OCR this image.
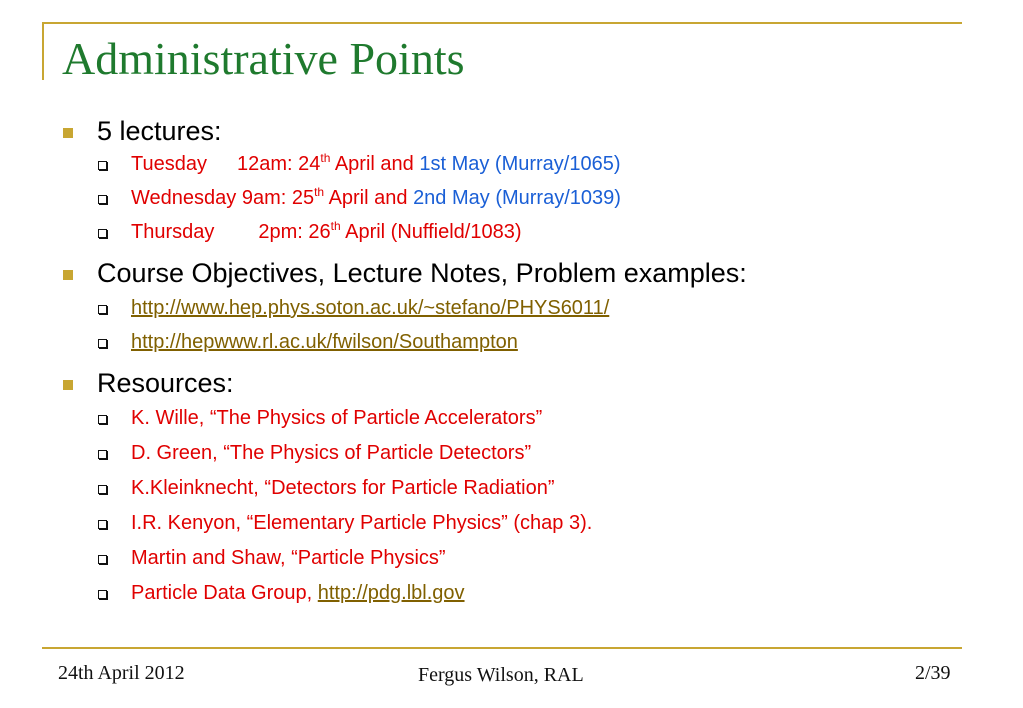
Administrative Points
5 lectures:
Tuesday 12am: 24th April and 1st May (Murray/1065)
Wednesday 9am: 25th April and 2nd May (Murray/1039)
Thursday 2pm: 26th April (Nuffield/1083)
Course Objectives, Lecture Notes, Problem examples:
http://www.hep.phys.soton.ac.uk/~stefano/PHYS6011/
http://hepwww.rl.ac.uk/fwilson/Southampton
Resources:
K. Wille, “The Physics of Particle Accelerators”
D. Green, “The Physics of Particle Detectors”
K.Kleinknecht, “Detectors for Particle Radiation”
I.R. Kenyon, “Elementary Particle Physics” (chap 3).
Martin and Shaw, “Particle Physics”
Particle Data Group, http://pdg.lbl.gov
24th April 2012	Fergus Wilson, RAL	2/39
